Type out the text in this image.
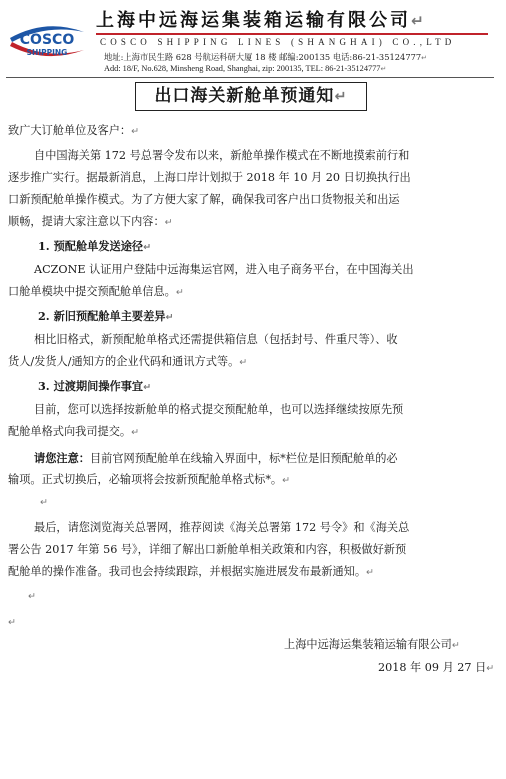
COSCO
SHIPPING
上海中远海运集装箱运输有限公司↵
COSCO SHIPPING LINES (SHANGHAI) CO.,LTD
地址:上海市民生路 628 号航运科研大厦 18 楼 邮编:200135 电话:86-21-35124777↵
Add: 18/F, No.628, Minsheng Road, Shanghai, zip: 200135, TEL: 86-21-35124777↵
出口海关新舱单预通知↵
致广大订舱单位及客户：↵
自中国海关第 172 号总署令发布以来，新舱单操作模式在不断地摸索前行和
逐步推广实行。据最新消息，上海口岸计划拟于 2018 年 10 月 20 日切换执行出
口新预配舱单操作模式。为了方便大家了解，确保我司客户出口货物报关和出运
顺畅，提请大家注意以下内容：↵
1. 预配舱单发送途径↵
ACZONE 认证用户登陆中远海集运官网，进入电子商务平台，在中国海关出
口舱单模块中提交预配舱单信息。↵
2. 新旧预配舱单主要差异↵
相比旧格式，新预配舱单格式还需提供箱信息（包括封号、件重尺等）、收
货人/发货人/通知方的企业代码和通讯方式等。↵
3. 过渡期间操作事宜↵
目前，您可以选择按新舱单的格式提交预配舱单，也可以选择继续按原先预
配舱单格式向我司提交。↵
请您注意：目前官网预配舱单在线输入界面中，标*栏位是旧预配舱单的必
输项。正式切换后，必输项将会按新预配舱单格式标*。↵
↵
最后，请您浏览海关总署网，推荐阅读《海关总署第 172 号令》和《海关总
署公告 2017 年第 56 号》，详细了解出口新舱单相关政策和内容，积极做好新预
配舱单的操作准备。我司也会持续跟踪，并根据实施进展发布最新通知。↵
↵
↵
上海中远海运集装箱运输有限公司↵
2018 年 09 月 27 日↵
